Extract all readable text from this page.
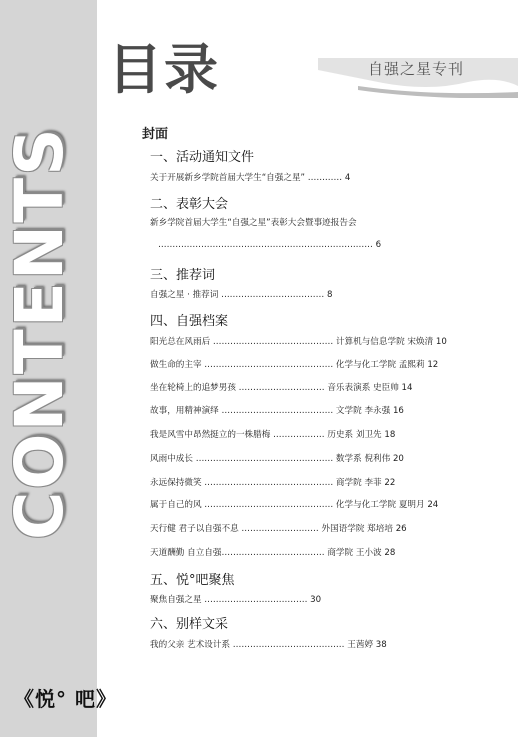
CONTENTS
《悦° 吧》
目录	自强之星专刊
封面
一、活动通知文件
关于开展新乡学院首届大学生“自强之星” ………… 4
二、表彰大会
新乡学院首届大学生“自强之星”表彰大会暨事迹报告会
………………………………………………………………… 6
三、推荐词
自强之星 · 推荐词 ……………………………… 8
四、自强档案
阳光总在风雨后 …………………………………… 计算机与信息学院 宋焕清 10
做生命的主宰 ……………………………………… 化学与化工学院 孟熙莉 12
坐在轮椅上的追梦男孩 ………………………… 音乐表演系 史臣帅 14
故事，用精神演绎 ………………………………… 文学院 李永强 16
我是风雪中昂然挺立的一株腊梅 ……………… 历史系 刘卫先 18
风雨中成长 ………………………………………… 数学系 倪利伟 20
永远保持微笑 ……………………………………… 商学院 李菲 22
属于自己的风 ……………………………………… 化学与化工学院 夏明月 24
天行健 君子以自强不息 ……………………… 外国语学院 郑培培 26
天道酬勤 自立自强……………………………… 商学院 王小波 28
五、悦°吧聚焦
聚焦自强之星 ……………………………… 30
六、别样文采
我的父亲 艺术设计系 ………………………………… 王茜婷 38
